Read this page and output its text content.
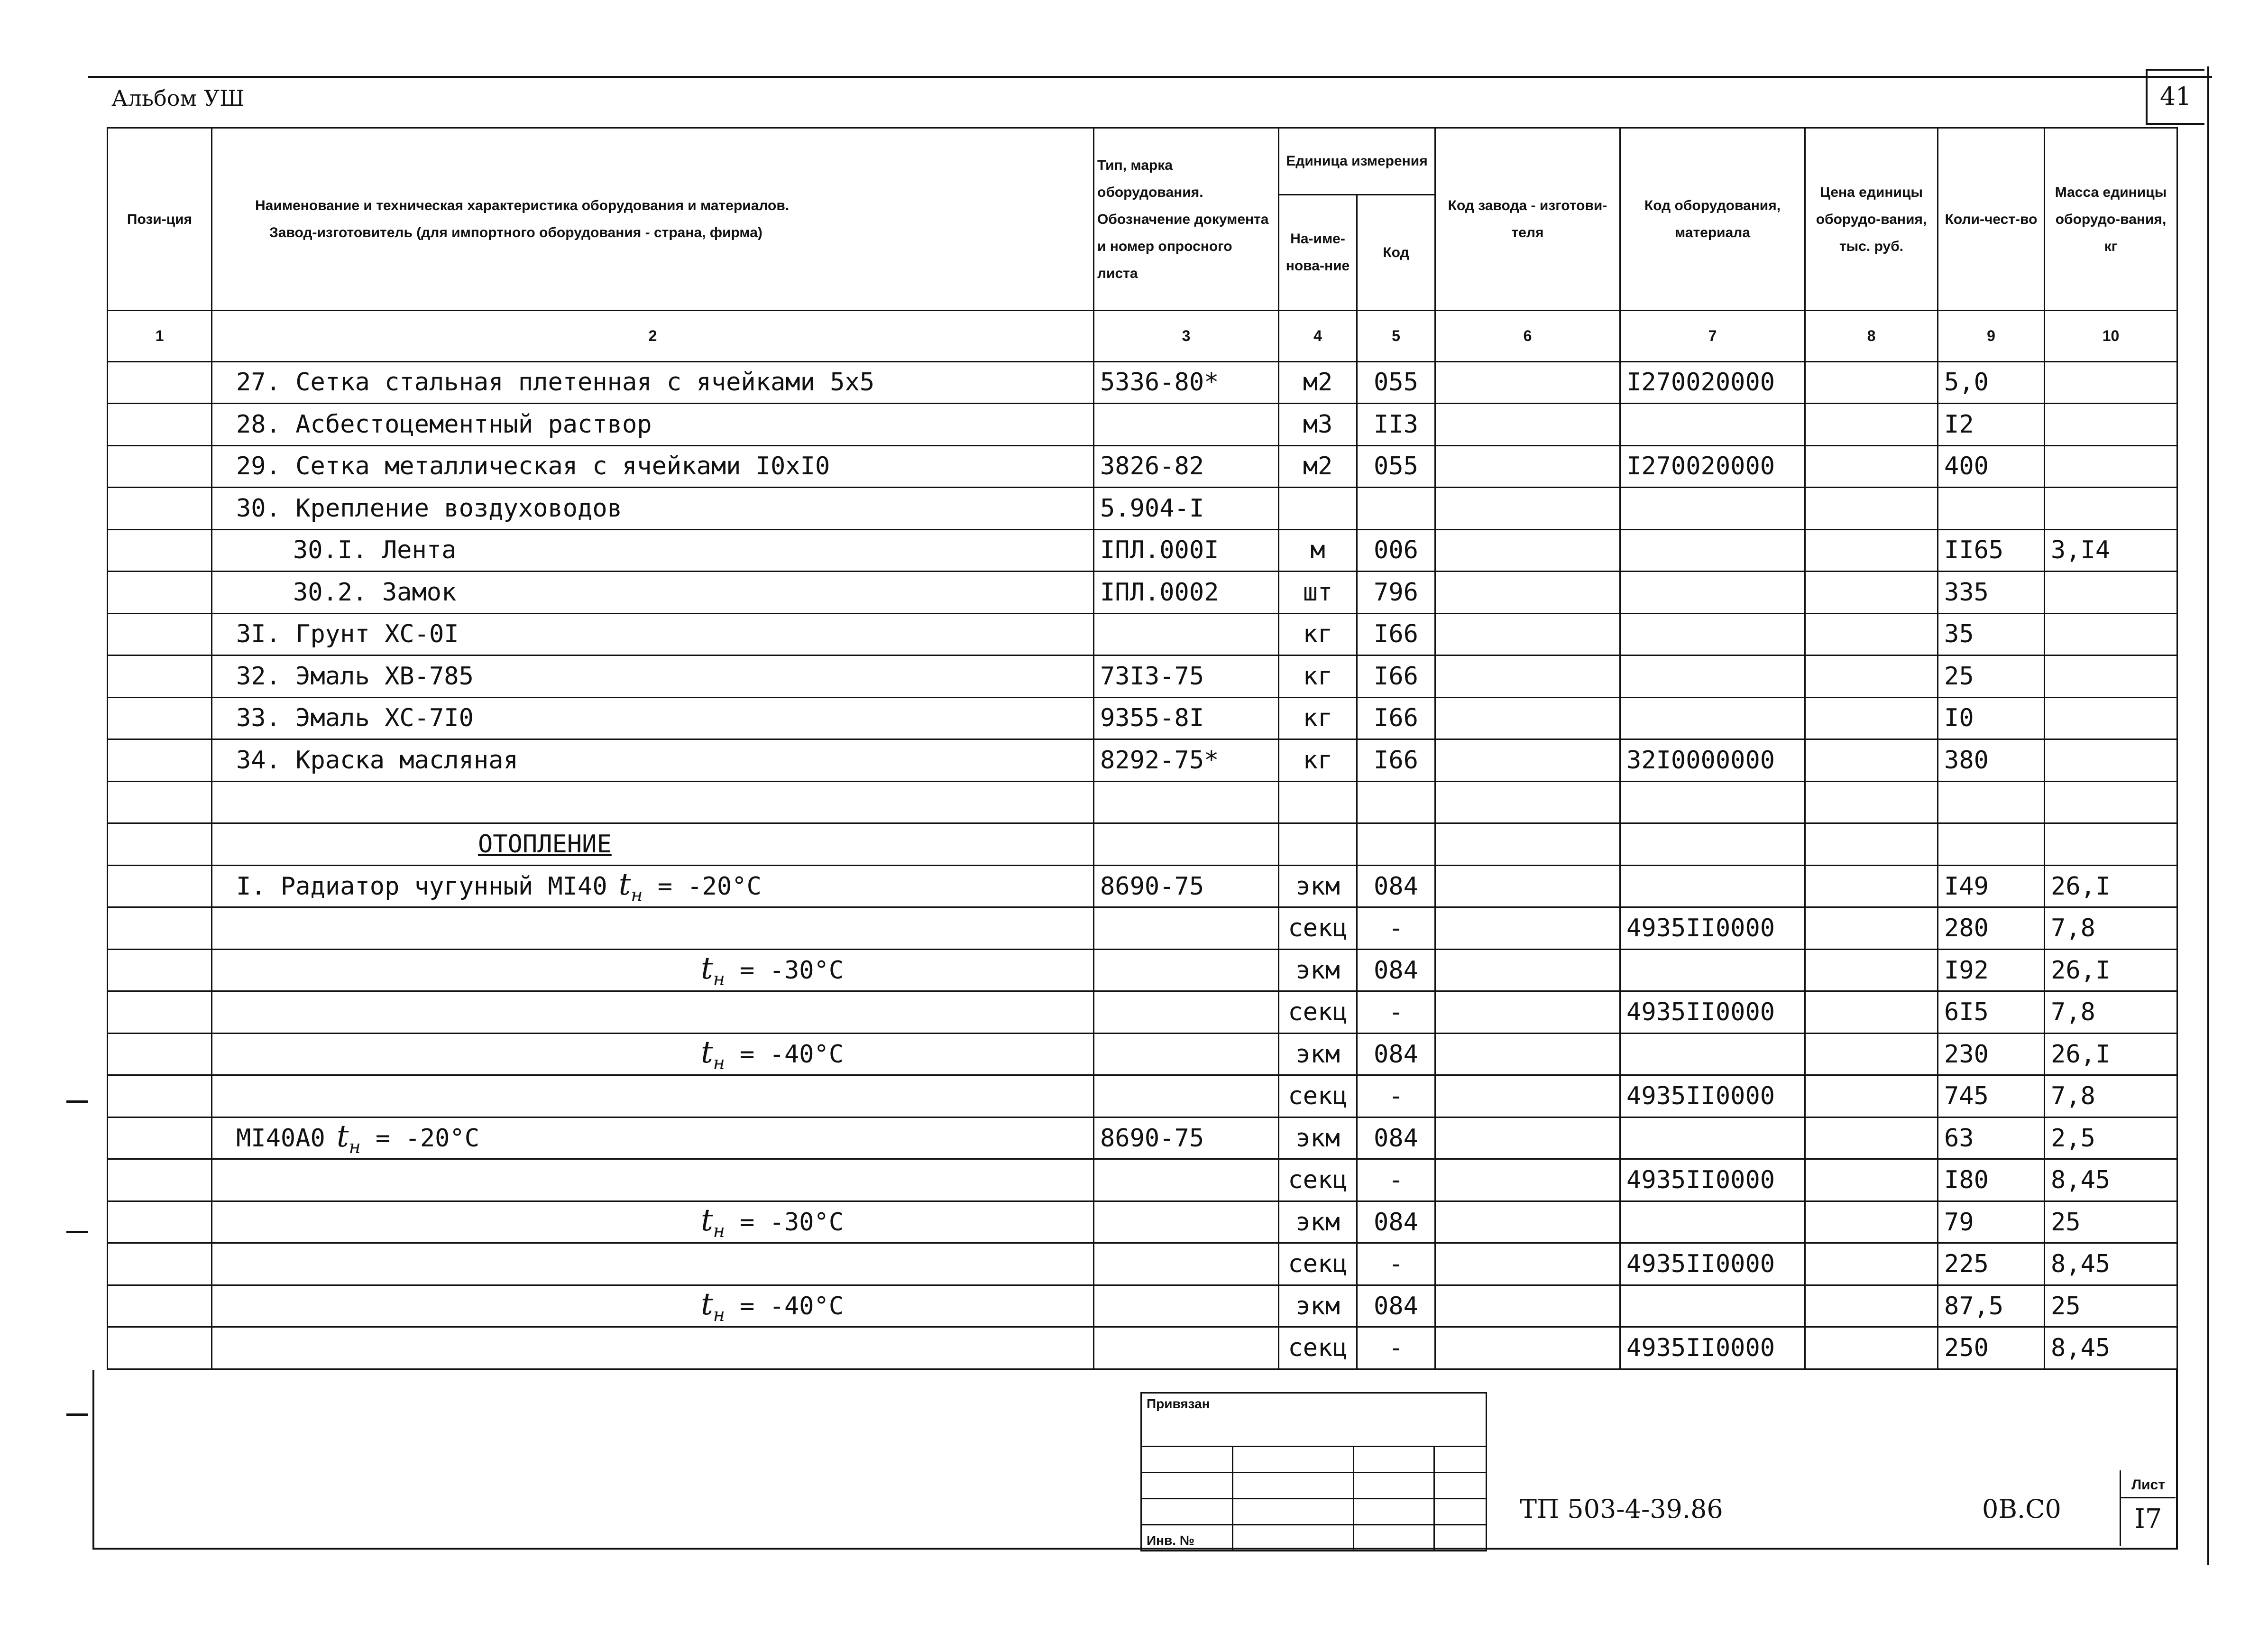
Альбом УШ	41
Пози-ция	Наименование и техническая характеристика оборудования и материалов.
Завод-изготовитель (для импортного оборудования - страна, фирма)	Тип, марка оборудования. Обозначение документа и номер опросного листа	Единица измерения		Код завода - изготови-теля	Код оборудования, материала	Цена единицы оборудо-вания, тыс. руб.	Коли-чест-во	Масса единицы оборудо-вания, кг
			На-име-нова-ние	Код					
1	2	3	4	5	6	7	8	9	10
	27. Сетка стальная плетенная с ячейками 5х5	5336-80*	м2	055		I270020000		5,0	
	28. Асбестоцементный раствор		м3	II3				I2	
	29. Сетка металлическая с ячейками I0хI0	3826-82	м2	055		I270020000		400	
	30. Крепление воздуховодов	5.904-I							
	30.I. Лента	IПЛ.000I	м	006				II65	3,I4
	30.2. Замок	IПЛ.0002	шт	796				335	
	3I. Грунт ХС-0I		кг	I66				35	
	32. Эмаль ХВ-785	73I3-75	кг	I66				25	
	33. Эмаль ХС-7I0	9355-8I	кг	I66				I0	
	34. Краска масляная	8292-75*	кг	I66		32I0000000		380	

	ОТОПЛЕНИЕ								
	I. Радиатор чугунный МI40 $t_н = -20^\circ С$	8690-75	экм	084				I49	26,I
			секц	-		4935II0000		280	7,8
	$t_н = -30^\circ С$		экм	084				I92	26,I
			секц	-		4935II0000		6I5	7,8
	$t_н = -40^\circ С$		экм	084				230	26,I
			секц	-		4935II0000		745	7,8
	МI40А0 $t_н = -20^\circ С$	8690-75	экм	084				63	2,5
			секц	-		4935II0000		I80	8,45
	$t_н = -30^\circ С$		экм	084				79	25
			секц	-		4935II0000		225	8,45
	$t_н = -40^\circ С$		экм	084				87,5	25
			секц	-		4935II0000		250	8,45
Привязан
Инв. №
ТП 503-4-39.86	0В.С0
Лист
I7
